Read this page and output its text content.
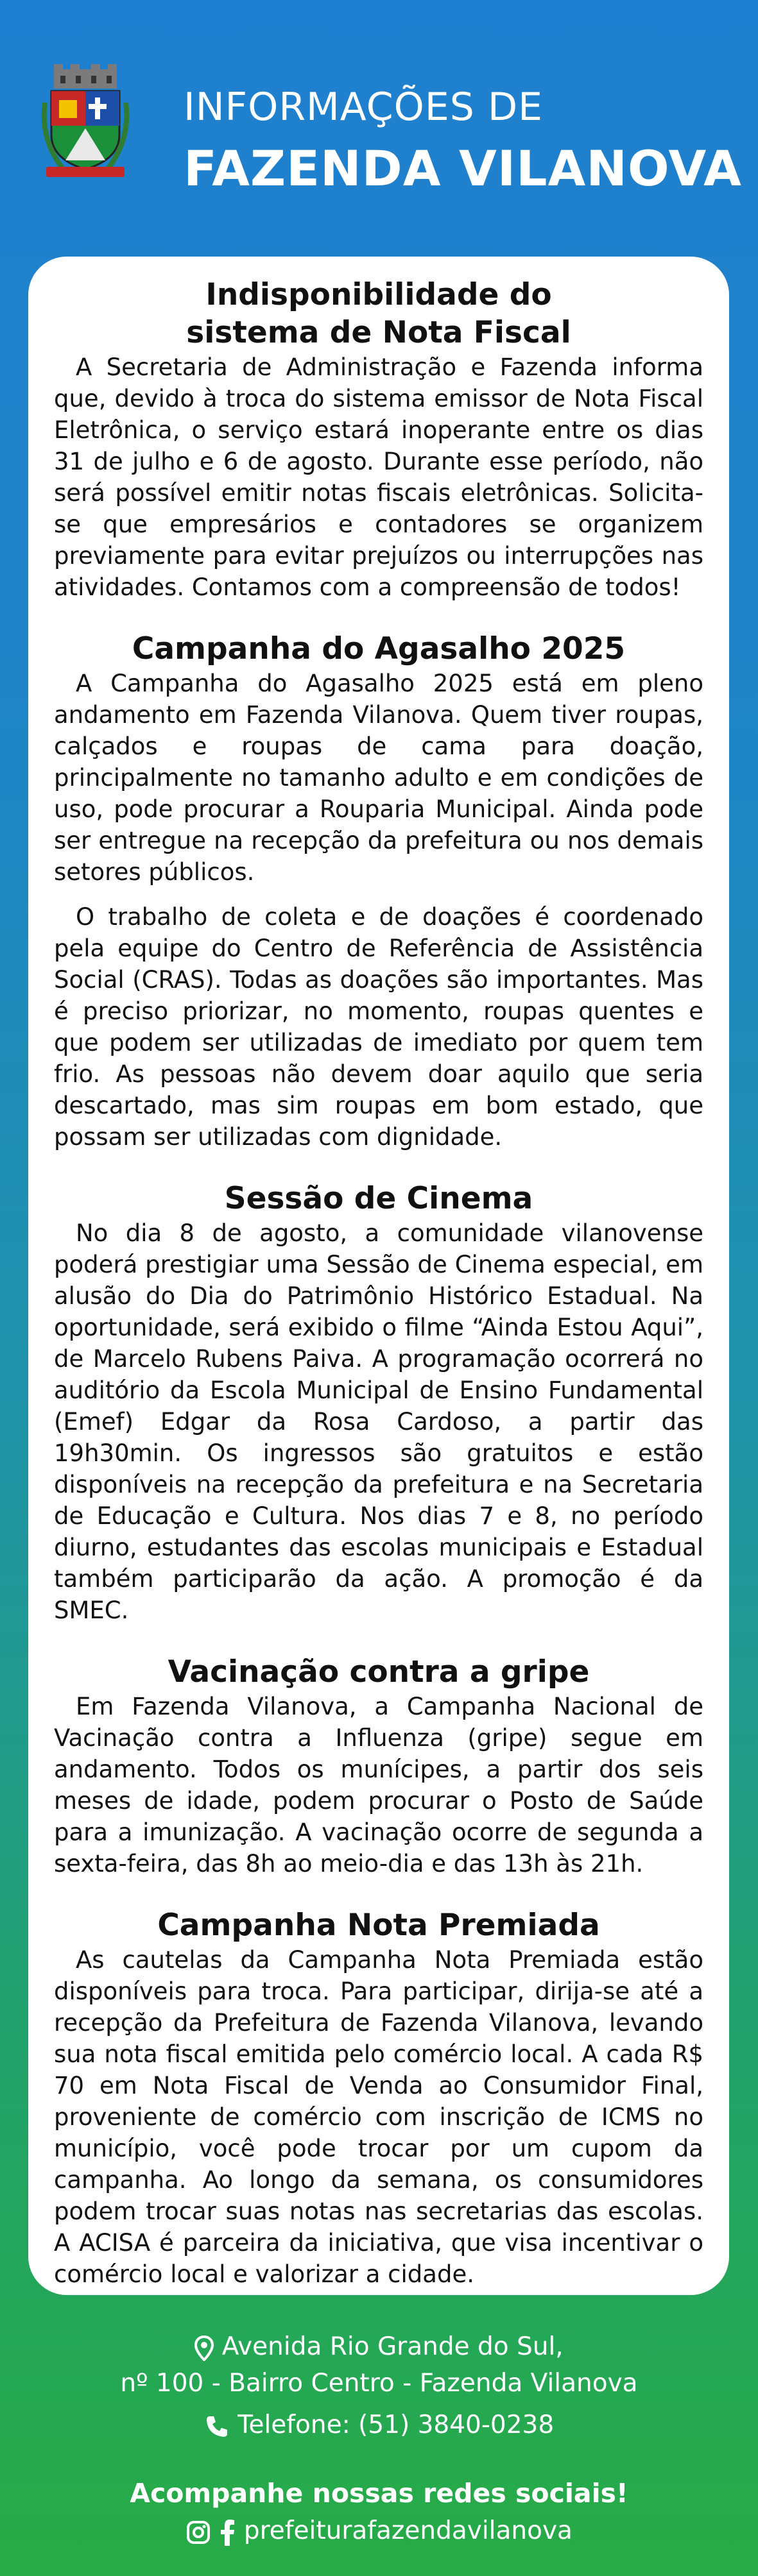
INFORMAÇÕES DE
FAZENDA VILANOVA
Indisponibilidade do
sistema de Nota Fiscal

A Secretaria de Administração e Fazenda informa que, devido à troca do sistema emissor de Nota Fiscal Eletrônica, o serviço estará inoperante entre os dias 31 de julho e 6 de agosto. Durante esse período, não será possível emitir notas fiscais eletrônicas. Solicita-se que empresários e contadores se organizem previamente para evitar prejuízos ou interrupções nas atividades. Contamos com a compreensão de todos!

Campanha do Agasalho 2025

A Campanha do Agasalho 2025 está em pleno andamento em Fazenda Vilanova. Quem tiver roupas, calçados e roupas de cama para doação, principalmente no tamanho adulto e em condições de uso, pode procurar a Rouparia Municipal. Ainda pode ser entregue na recepção da prefeitura ou nos demais setores públicos.

O trabalho de coleta e de doações é coordenado pela equipe do Centro de Referência de Assistência Social (CRAS). Todas as doações são importantes. Mas é preciso priorizar, no momento, roupas quentes e que podem ser utilizadas de imediato por quem tem frio. As pessoas não devem doar aquilo que seria descartado, mas sim roupas em bom estado, que possam ser utilizadas com dignidade.

Sessão de Cinema

No dia 8 de agosto, a comunidade vilanovense poderá prestigiar uma Sessão de Cinema especial, em alusão do Dia do Patrimônio Histórico Estadual. Na oportunidade, será exibido o filme “Ainda Estou Aqui”, de Marcelo Rubens Paiva. A programação ocorrerá no auditório da Escola Municipal de Ensino Fundamental (Emef) Edgar da Rosa Cardoso, a partir das 19h30min. Os ingressos são gratuitos e estão disponíveis na recepção da prefeitura e na Secretaria de Educação e Cultura. Nos dias 7 e 8, no período diurno, estudantes das escolas municipais e Estadual também participarão da ação. A promoção é da SMEC.

Vacinação contra a gripe

Em Fazenda Vilanova, a Campanha Nacional de Vacinação contra a Influenza (gripe) segue em andamento. Todos os munícipes, a partir dos seis meses de idade, podem procurar o Posto de Saúde para a imunização. A vacinação ocorre de segunda a sexta-feira, das 8h ao meio-dia e das 13h às 21h.

Campanha Nota Premiada

As cautelas da Campanha Nota Premiada estão disponíveis para troca. Para participar, dirija-se até a recepção da Prefeitura de Fazenda Vilanova, levando sua nota fiscal emitida pelo comércio local. A cada R$ 70 em Nota Fiscal de Venda ao Consumidor Final, proveniente de comércio com inscrição de ICMS no município, você pode trocar por um cupom da campanha. Ao longo da semana, os consumidores podem trocar suas notas nas secretarias das escolas. A ACISA é parceira da iniciativa, que visa incentivar o comércio local e valorizar a cidade.

Avenida Rio Grande do Sul,
nº 100 - Bairro Centro - Fazenda Vilanova
Telefone: (51) 3840-0238
Acompanhe nossas redes sociais!
prefeiturafazendavilanova
